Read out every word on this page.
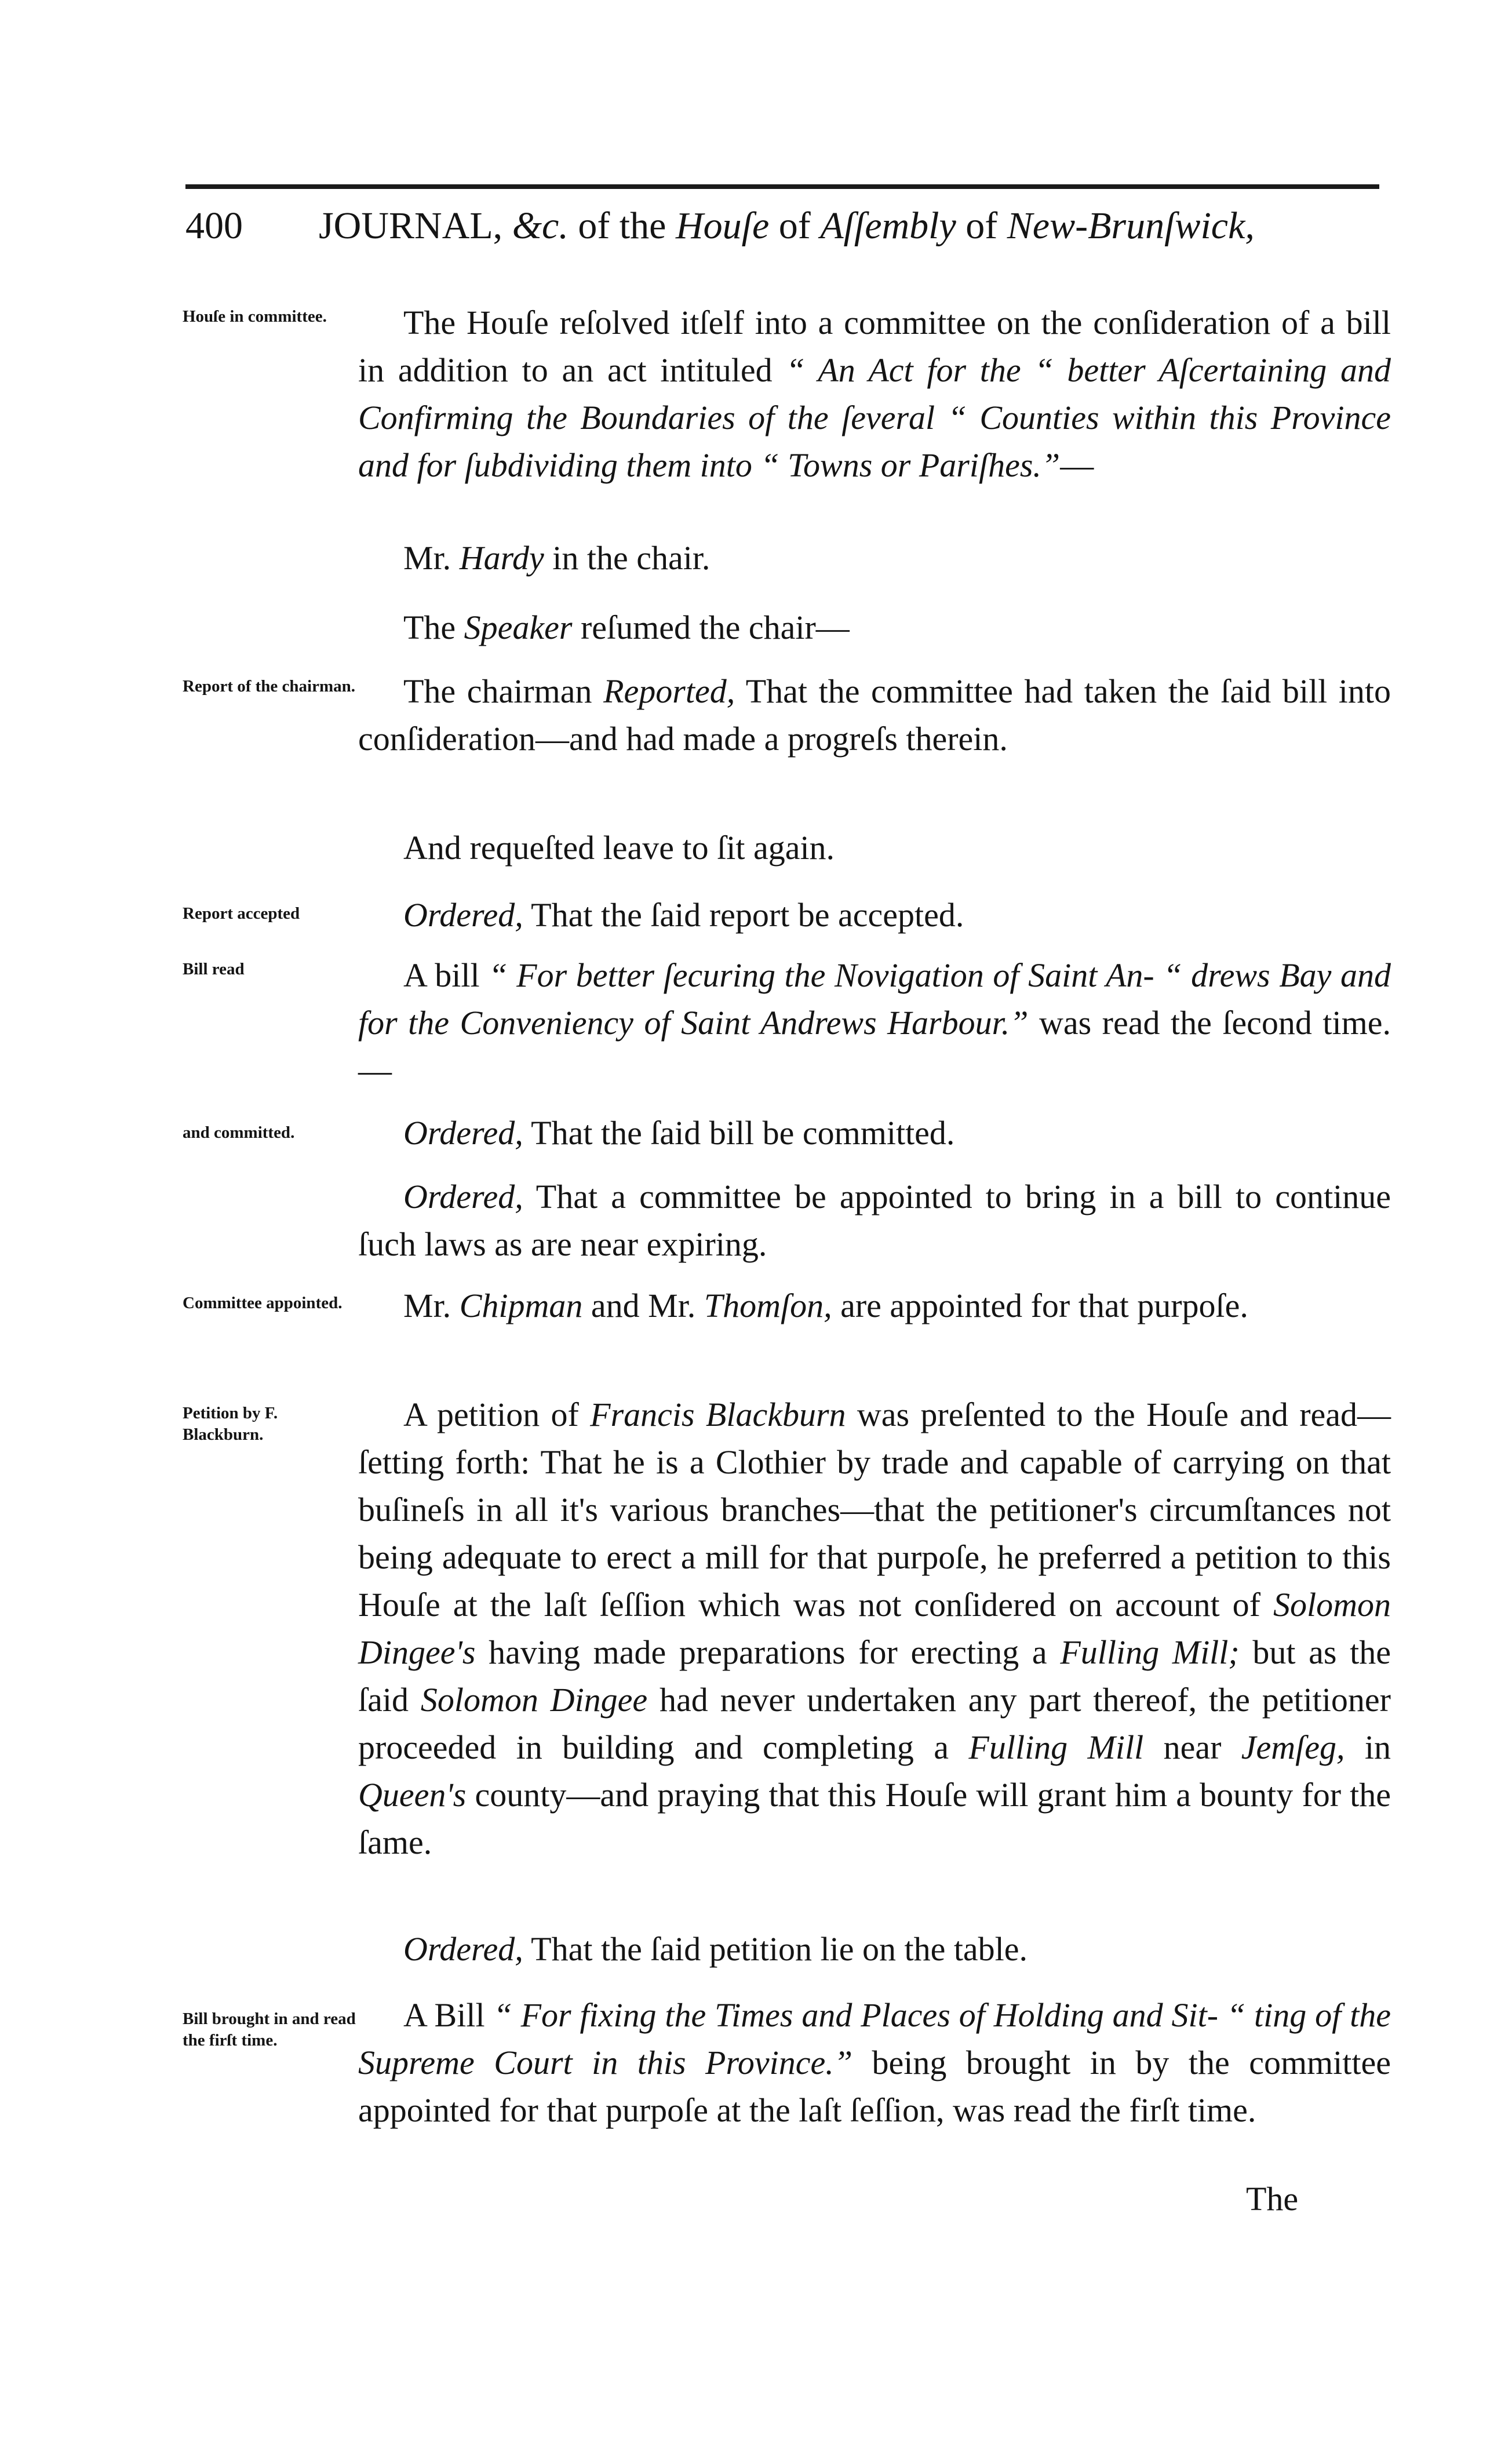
400 JOURNAL, &c. of the Houſe of Aſſembly of New-Brunſwick,
Houſe in committee.
Report of the chairman.
Report accepted
Bill read
and committed.
Committee appointed.
Petition by F. Blackburn.
Bill brought in and read the firſt time.
The Houſe reſolved itſelf into a committee on the conſideration of a bill in addition to an act intituled “ An Act for the “ better Aſcertaining and Confirming the Boundaries of the ſeveral “ Counties within this Province and for ſubdividing them into “ Towns or Pariſhes.”—
Mr. Hardy in the chair.
The Speaker reſumed the chair—
The chairman Reported, That the committee had taken the ſaid bill into conſideration—and had made a progreſs therein.
And requeſted leave to ſit again.
Ordered, That the ſaid report be accepted.
A bill “ For better ſecuring the Novigation of Saint An- “ drews Bay and for the Conveniency of Saint Andrews Harbour.” was read the ſecond time.—
Ordered, That the ſaid bill be committed.
Ordered, That a committee be appointed to bring in a bill to continue ſuch laws as are near expiring.
Mr. Chipman and Mr. Thomſon, are appointed for that purpoſe.
A petition of Francis Blackburn was preſented to the Houſe and read—ſetting forth: That he is a Clothier by trade and capable of carrying on that buſineſs in all it's various branches—that the petitioner's circumſtances not being adequate to erect a mill for that purpoſe, he preferred a petition to this Houſe at the laſt ſeſſion which was not conſidered on account of Solomon Dingee's having made preparations for erecting a Fulling Mill; but as the ſaid Solomon Dingee had never undertaken any part thereof, the petitioner proceeded in building and completing a Fulling Mill near Jemſeg, in Queen's county—and praying that this Houſe will grant him a bounty for the ſame.
Ordered, That the ſaid petition lie on the table.
A Bill “ For fixing the Times and Places of Holding and Sit- “ ting of the Supreme Court in this Province.” being brought in by the committee appointed for that purpoſe at the laſt ſeſſion, was read the firſt time.
The
